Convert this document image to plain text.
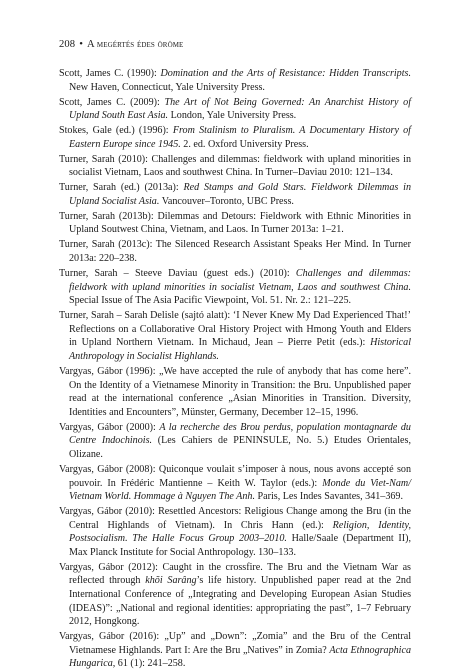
208 • A megértés édes öröme
Scott, James C. (1990): Domination and the Arts of Resistance: Hidden Transcripts. New Haven, Connecticut, Yale University Press.
Scott, James C. (2009): The Art of Not Being Governed: An Anarchist History of Upland South East Asia. London, Yale University Press.
Stokes, Gale (ed.) (1996): From Stalinism to Pluralism. A Documentary History of Eastern Europe since 1945. 2. ed. Oxford University Press.
Turner, Sarah (2010): Challenges and dilemmas: fieldwork with upland minorities in socialist Vietnam, Laos and southwest China. In Turner–Daviau 2010: 121–134.
Turner, Sarah (ed.) (2013a): Red Stamps and Gold Stars. Fieldwork Dilemmas in Upland Socialist Asia. Vancouver–Toronto, UBC Press.
Turner, Sarah (2013b): Dilemmas and Detours: Fieldwork with Ethnic Minorities in Upland Soutwest China, Vietnam, and Laos. In Turner 2013a: 1–21.
Turner, Sarah (2013c): The Silenced Research Assistant Speaks Her Mind. In Turner 2013a: 220–238.
Turner, Sarah – Steeve Daviau (guest eds.) (2010): Challenges and dilemmas: fieldwork with upland minorities in socialist Vietnam, Laos and southwest China. Special Issue of The Asia Pacific Viewpoint, Vol. 51. Nr. 2.: 121–225.
Turner, Sarah – Sarah Delisle (sajtó alatt): ‘I Never Knew My Dad Experienced That!’ Reflections on a Collaborative Oral History Project with Hmong Youth and Elders in Upland Northern Vietnam. In Michaud, Jean – Pierre Petit (eds.): Historical Anthropology in Socialist Highlands.
Vargyas, Gábor (1996): „We have accepted the rule of anybody that has come here”. On the Identity of a Vietnamese Minority in Transition: the Bru. Unpublished paper read at the international conference „Asian Minorities in Transition. Diversity, Identities and Encounters”, Münster, Germany, December 12–15, 1996.
Vargyas, Gábor (2000): A la recherche des Brou perdus, population montagnarde du Centre Indochinois. (Les Cahiers de PENINSULE, No. 5.) Etudes Orientales, Olizane.
Vargyas, Gábor (2008): Quiconque voulait s’imposer à nous, nous avons accepté son pouvoir. In Frédéric Mantienne – Keith W. Taylor (eds.): Monde du Viet-Nam/ Vietnam World. Hommage à Nguyen The Anh. Paris, Les Indes Savantes, 341–369.
Vargyas, Gábor (2010): Resettled Ancestors: Religious Change among the Bru (in the Central Highlands of Vietnam). In Chris Hann (ed.): Religion, Identity, Postsocialism. The Halle Focus Group 2003–2010. Halle/Saale (Department II), Max Planck Institute for Social Anthropology. 130–133.
Vargyas, Gábor (2012): Caught in the crossfire. The Bru and the Vietnam War as reflected through khõi Sarâng’s life history. Unpublished paper read at the 2nd International Conference of „Integrating and Developing European Asian Studies (IDEAS)”: „National and regional identities: appropriating the past”, 1–7 February 2012, Hongkong.
Vargyas, Gábor (2016): „Up” and „Down”: „Zomia” and the Bru of the Central Vietnamese Highlands. Part I: Are the Bru „Natives” in Zomia? Acta Ethnographica Hungarica, 61 (1): 241–258.
